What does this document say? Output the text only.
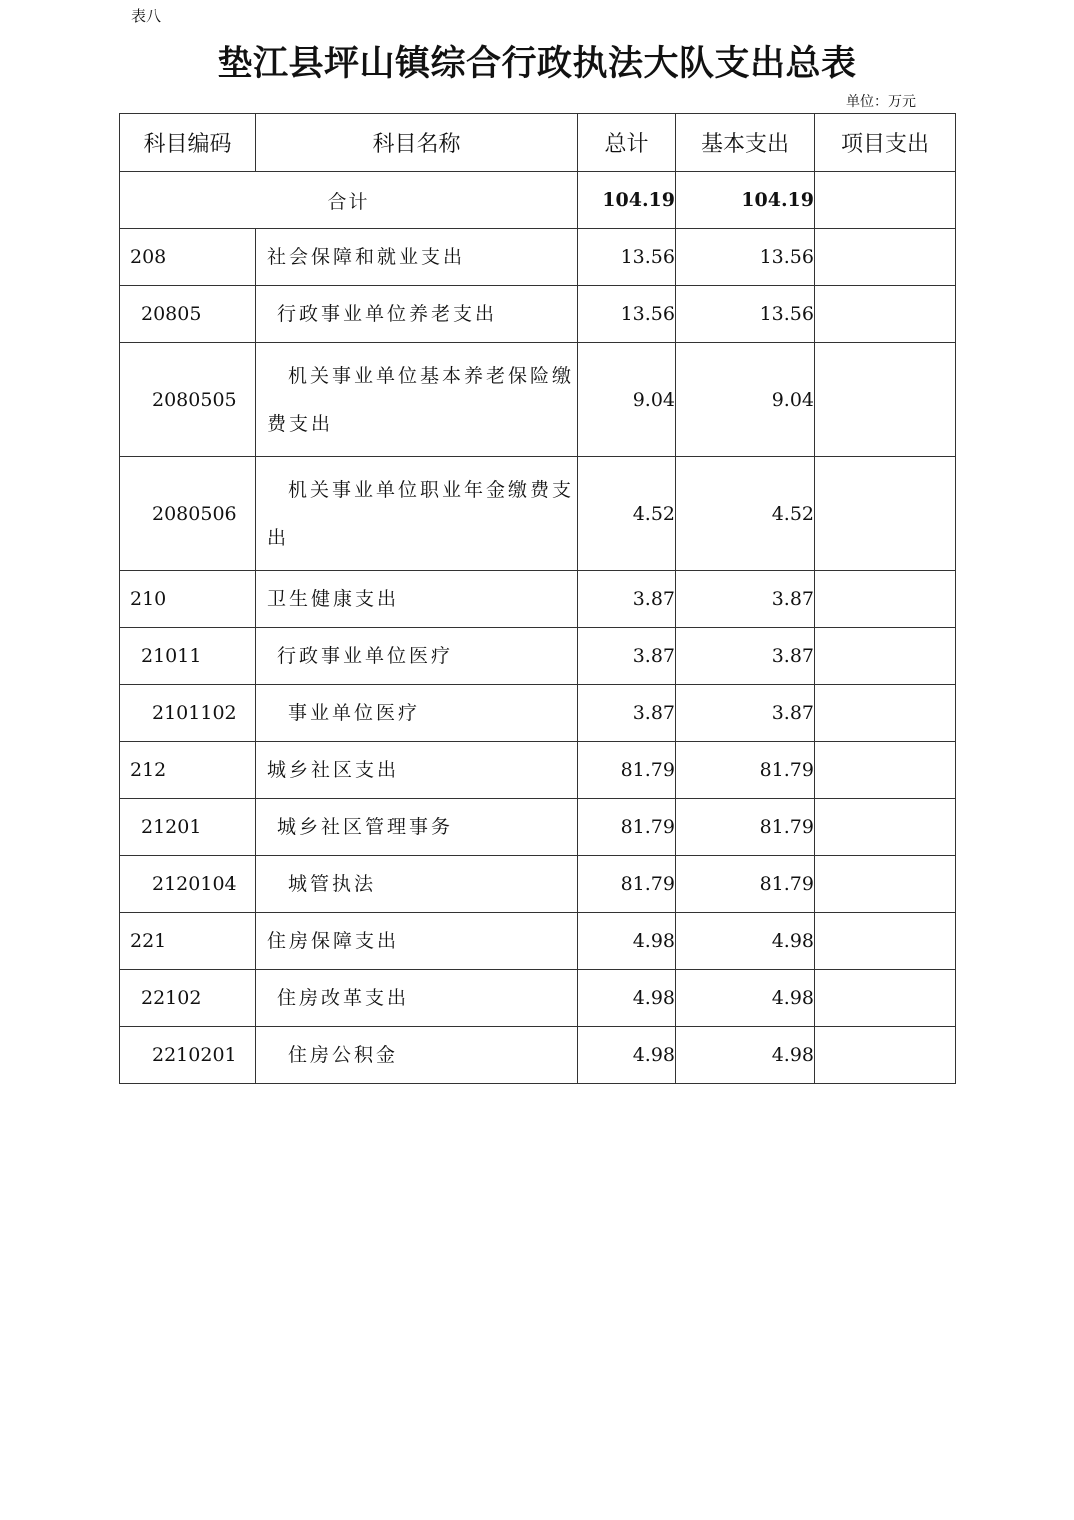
表八
垫江县坪山镇综合行政执法大队支出总表
单位：万元
科目编码	科目名称	总计	基本支出	项目支出
合计		104.19	104.19	
208	社会保障和就业支出	13.56	13.56	
20805	行政事业单位养老支出	13.56	13.56	
2080505	机关事业单位基本养老保险缴费支出	9.04	9.04	
2080506	机关事业单位职业年金缴费支出	4.52	4.52	
210	卫生健康支出	3.87	3.87	
21011	行政事业单位医疗	3.87	3.87	
2101102	事业单位医疗	3.87	3.87	
212	城乡社区支出	81.79	81.79	
21201	城乡社区管理事务	81.79	81.79	
2120104	城管执法	81.79	81.79	
221	住房保障支出	4.98	4.98	
22102	住房改革支出	4.98	4.98	
2210201	住房公积金	4.98	4.98	
